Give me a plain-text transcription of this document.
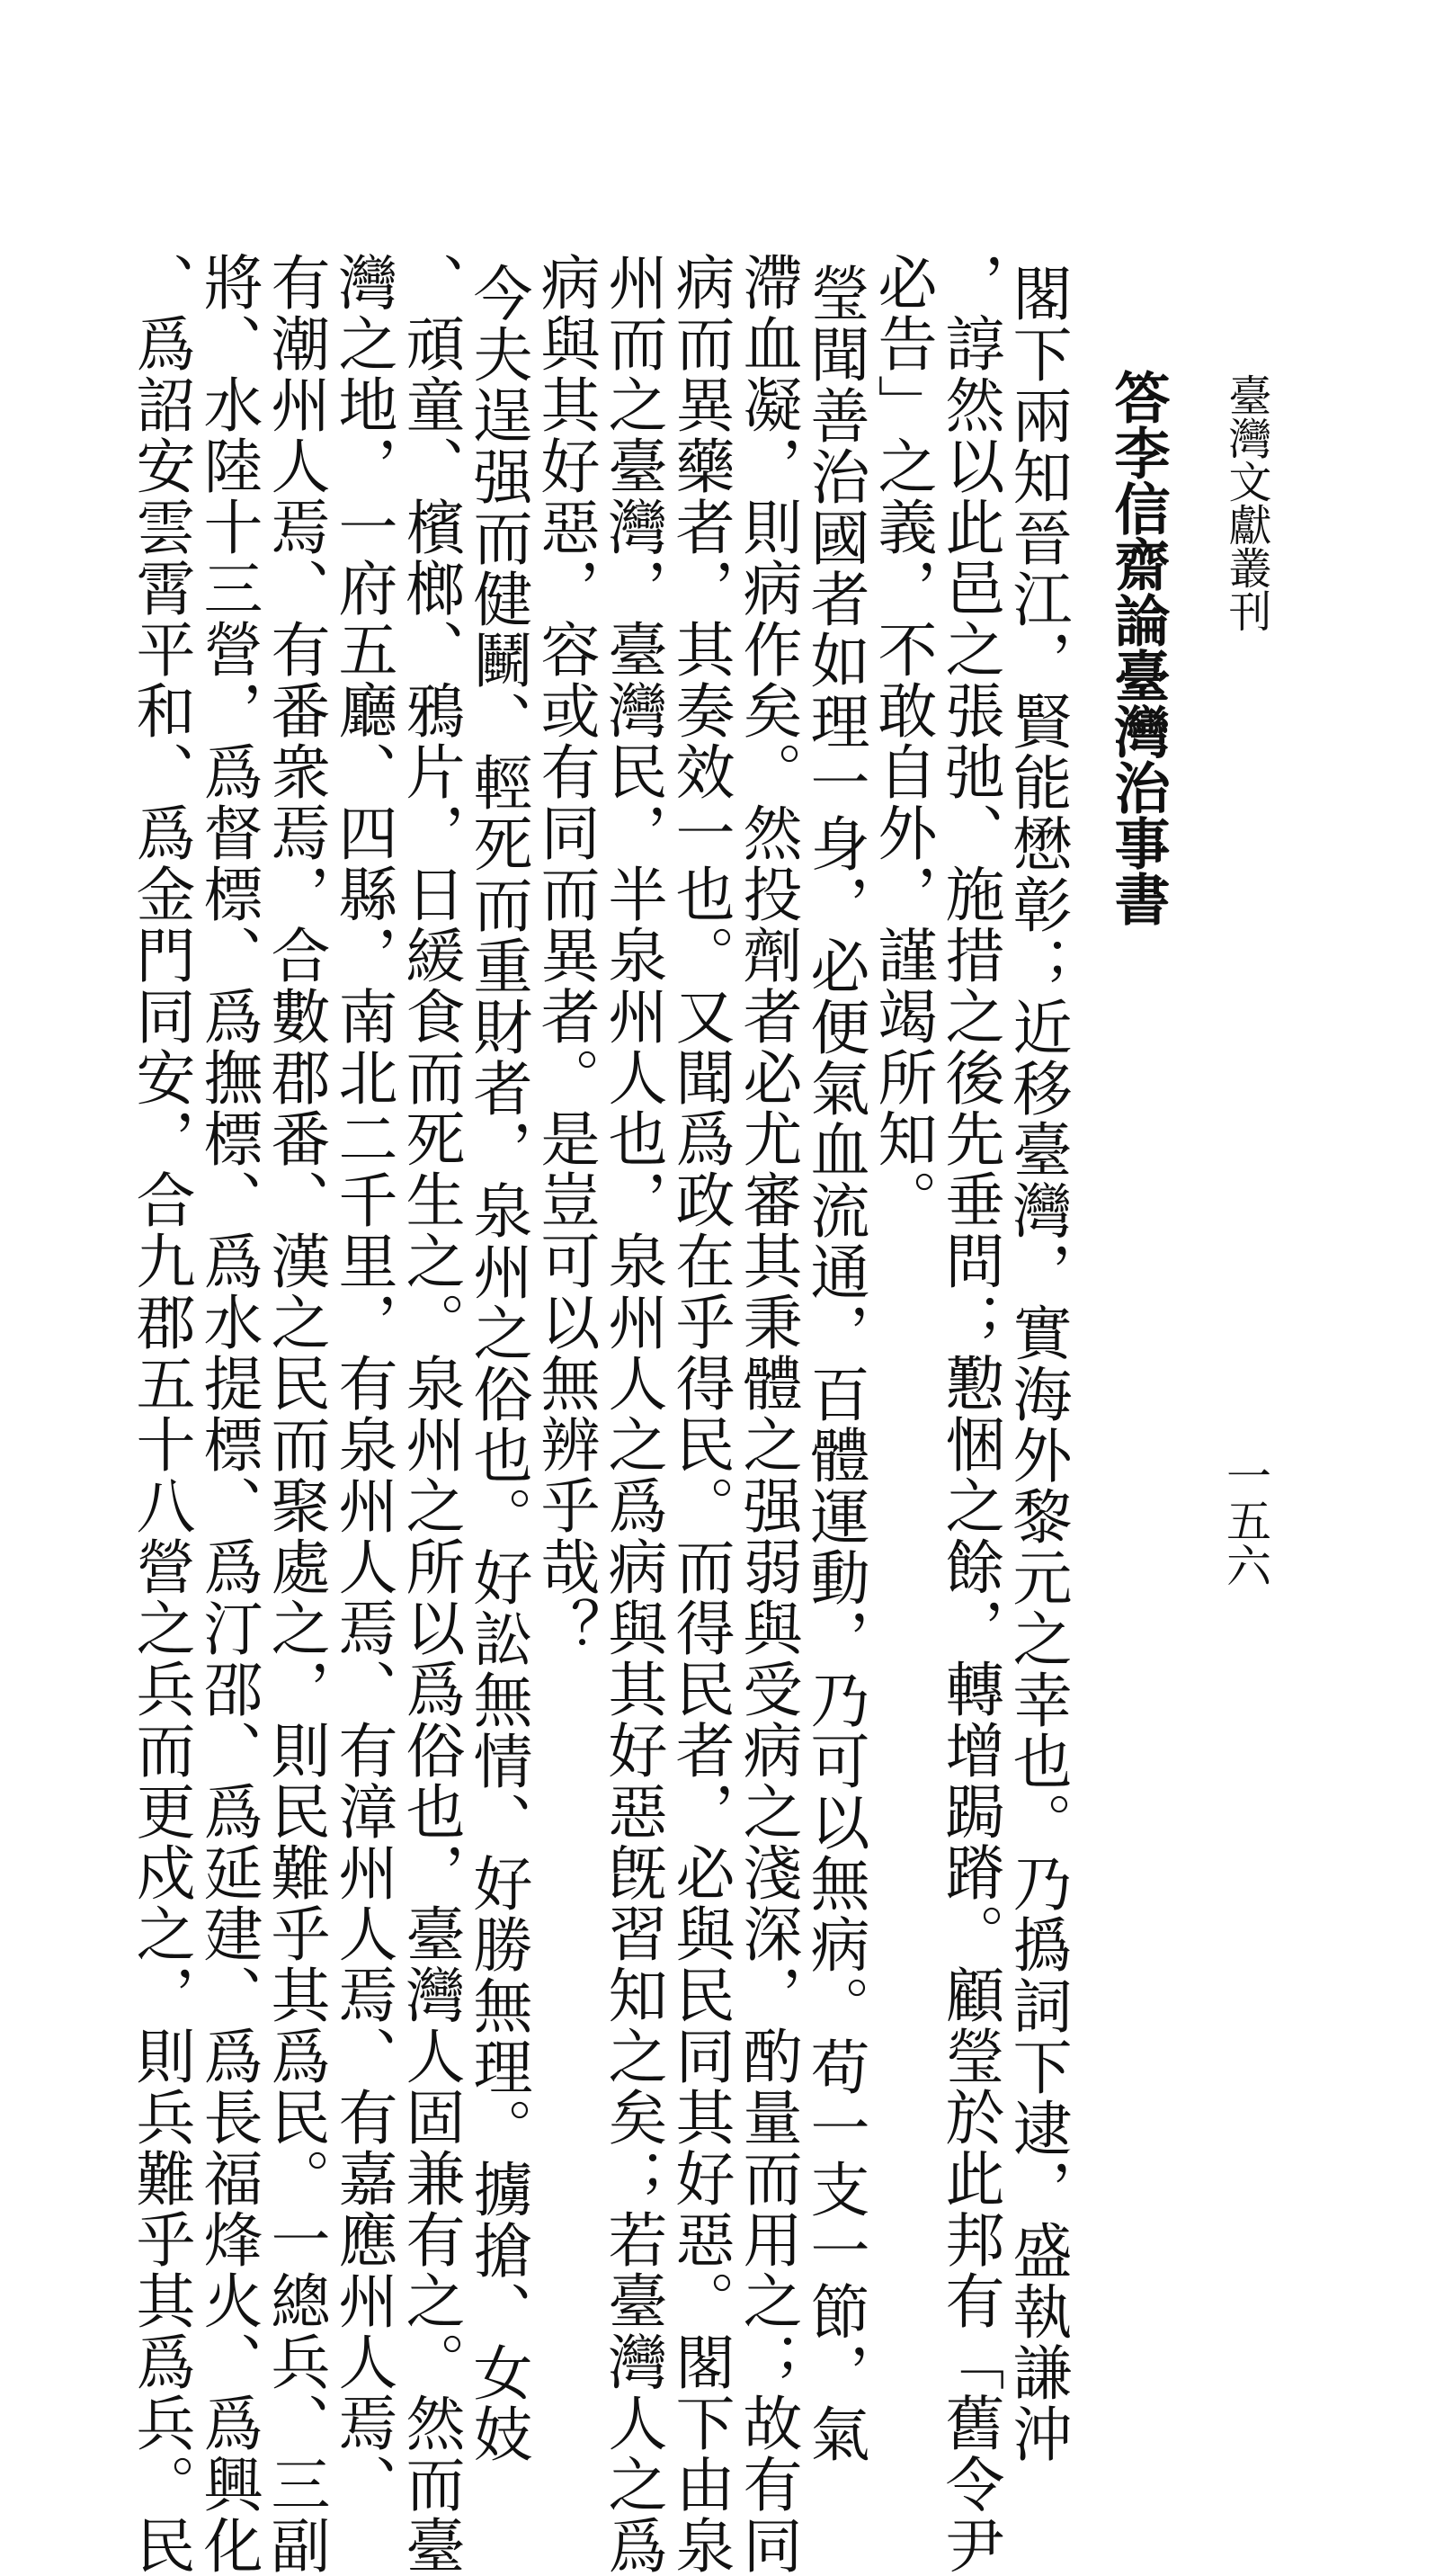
臺灣文獻叢刊
一五六
答李信齋論臺灣治事書
閣下兩知晉江，賢能懋彰；近移臺灣，實海外黎元之幸也。乃撝詞下逮，盛執謙沖
，諄然以此邑之張弛、施措之後先垂問；懃悃之餘，轉增跼蹐。顧瑩於此邦有「舊令尹
必告」之義，不敢自外，謹竭所知。
瑩聞善治國者如理一身，必便氣血流通，百體運動，乃可以無病。苟一支一節，氣
滯血凝，則病作矣。然投劑者必尤審其秉體之强弱與受病之淺深，酌量而用之；故有同
病而異藥者，其奏效一也。又聞爲政在乎得民。而得民者，必與民同其好惡。閣下由泉
州而之臺灣，臺灣民，半泉州人也，泉州人之爲病與其好惡旣習知之矣；若臺灣人之爲
病與其好惡，容或有同而異者。是豈可以無辨乎哉？
今夫逞强而健鬭、輕死而重財者，泉州之俗也。好訟無情、好勝無理。擄搶、女妓
、頑童、檳榔、鴉片，日緩食而死生之。泉州之所以爲俗也，臺灣人固兼有之。然而臺
灣之地，一府五廳、四縣，南北二千里，有泉州人焉、有漳州人焉、有嘉應州人焉、
有潮州人焉、有番衆焉，合數郡番、漢之民而聚處之，則民難乎其爲民。一總兵、三副
將、水陸十三營，爲督標、爲撫標、爲水提標、爲汀邵、爲延建、爲長福烽火、爲興化
、爲詔安雲霄平和、爲金門同安，合九郡五十八營之兵而更戍之，則兵難乎其爲兵。民
